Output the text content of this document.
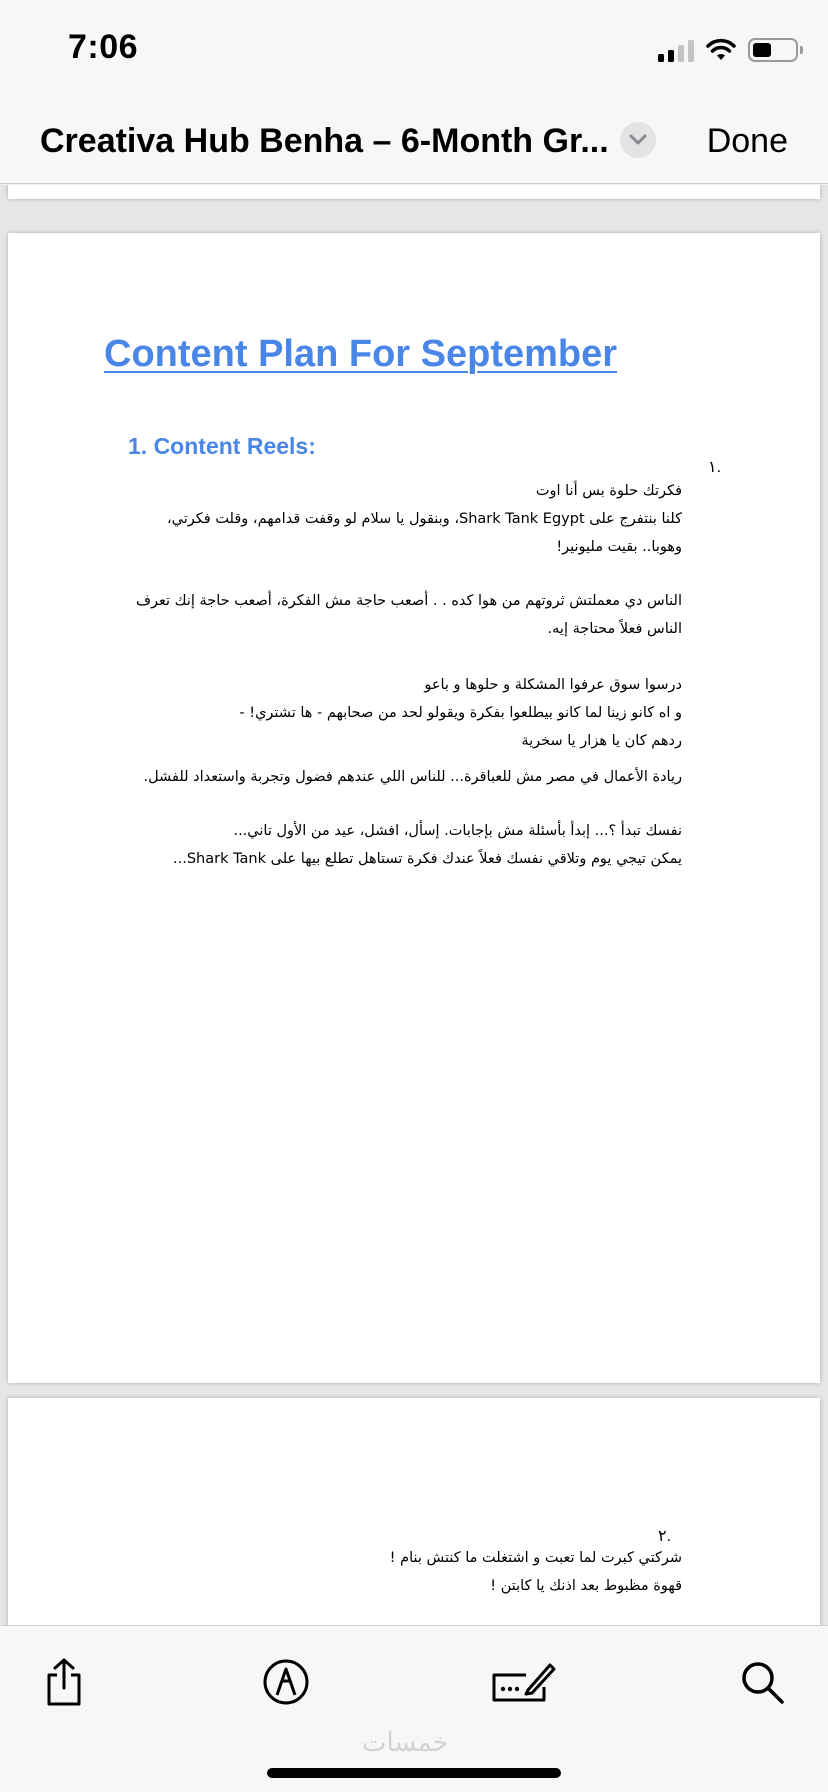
7:06
Creativa Hub Benha – 6-Month Gr...	Done
Content Plan For September
1. Content Reels:
.١
فكرتك حلوة بس أنا اوت
كلنا بنتفرج على Shark Tank Egypt، وبنقول يا سلام لو وقفت قدامهم، وقلت فكرتي،
وهوبا.. بقيت مليونير!
الناس دي معملتش ثروتهم من هوا كده . . أصعب حاجة مش الفكرة، أصعب حاجة إنك تعرف
الناس فعلاً محتاجة إيه.
درسوا سوق عرفوا المشكلة و حلوها و باعو
و اه كانو زينا لما كانو بيطلعوا بفكرة ويقولو لحد من صحابهم - ها تشتري! -
ردهم كان يا هزار يا سخرية
ريادة الأعمال في مصر مش للعباقرة... للناس اللي عندهم فضول وتجربة واستعداد للفشل.
نفسك تبدأ ؟... إبدأ بأسئلة مش بإجابات. إسأل، افشل، عيد من الأول تاني...
يمكن تيجي يوم وتلاقي نفسك فعلاً عندك فكرة تستاهل تطلع بيها على Shark Tank...
.٢
شركتي كبرت لما تعبت و اشتغلت ما كنتش بنام !
قهوة مظبوط بعد اذنك يا كابتن !
خمسات
